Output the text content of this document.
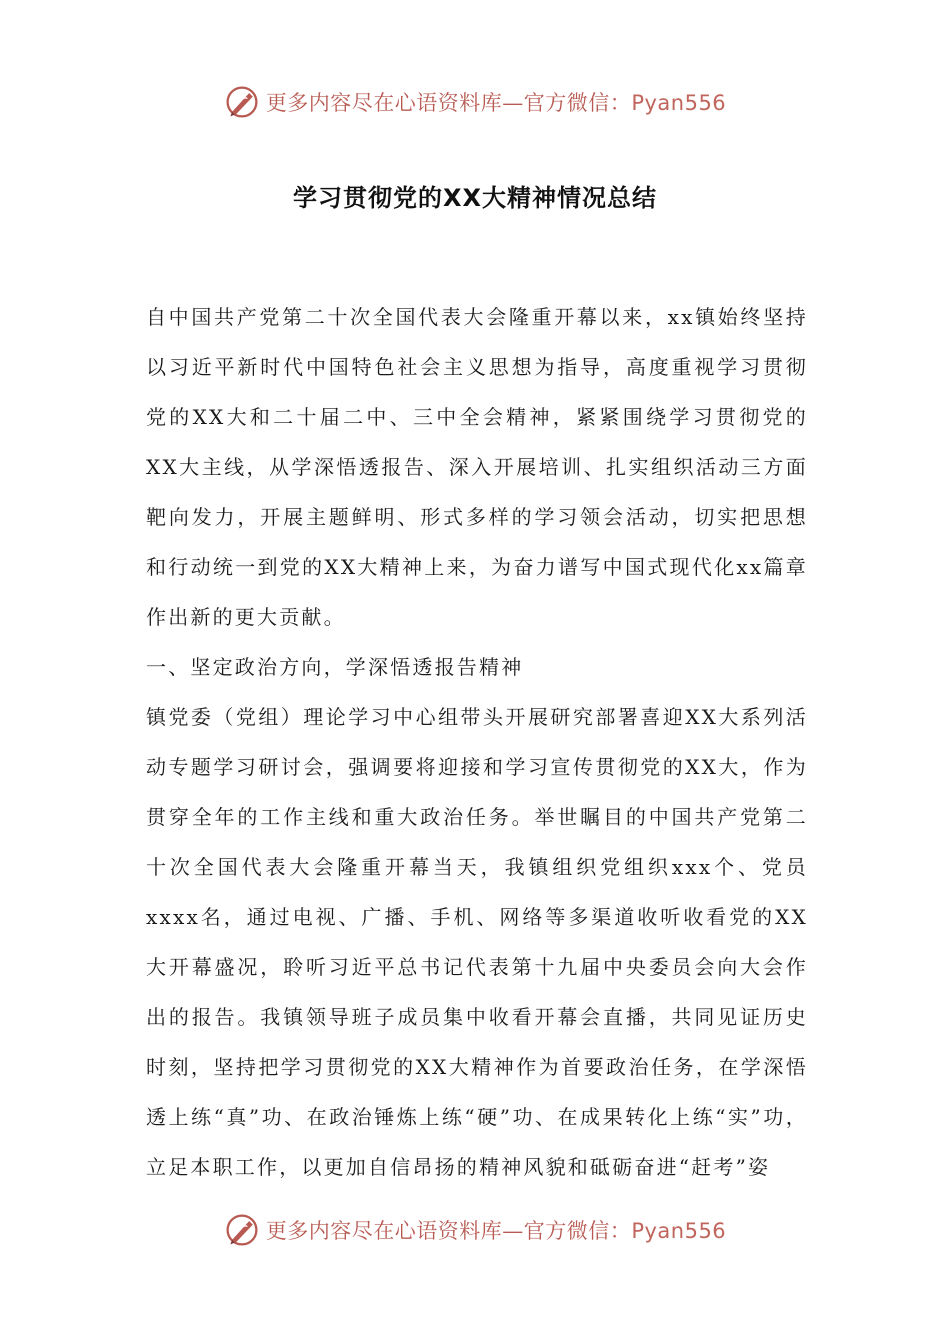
更多内容尽在心语资料库—官方微信：Pyan556
学习贯彻党的XX大精神情况总结

自中国共产党第二十次全国代表大会隆重开幕以来，xx镇始终坚持以习近平新时代中国特色社会主义思想为指导，高度重视学习贯彻党的XX大和二十届二中、三中全会精神，紧紧围绕学习贯彻党的XX大主线，从学深悟透报告、深入开展培训、扎实组织活动三方面靶向发力，开展主题鲜明、形式多样的学习领会活动，切实把思想和行动统一到党的XX大精神上来，为奋力谱写中国式现代化xx篇章作出新的更大贡献。

一、坚定政治方向，学深悟透报告精神

镇党委（党组）理论学习中心组带头开展研究部署喜迎XX大系列活动专题学习研讨会，强调要将迎接和学习宣传贯彻党的XX大，作为贯穿全年的工作主线和重大政治任务。举世瞩目的中国共产党第二十次全国代表大会隆重开幕当天，我镇组织党组织xxx个、党员xxxx名，通过电视、广播、手机、网络等多渠道收听收看党的XX大开幕盛况，聆听习近平总书记代表第十九届中央委员会向大会作出的报告。我镇领导班子成员集中收看开幕会直播，共同见证历史时刻，坚持把学习贯彻党的XX大精神作为首要政治任务，在学深悟透上练“真”功、在政治锤炼上练“硬”功、在成果转化上练“实”功，立足本职工作，以更加自信昂扬的精神风貌和砥砺奋进“赶考”姿

更多内容尽在心语资料库—官方微信：Pyan556
